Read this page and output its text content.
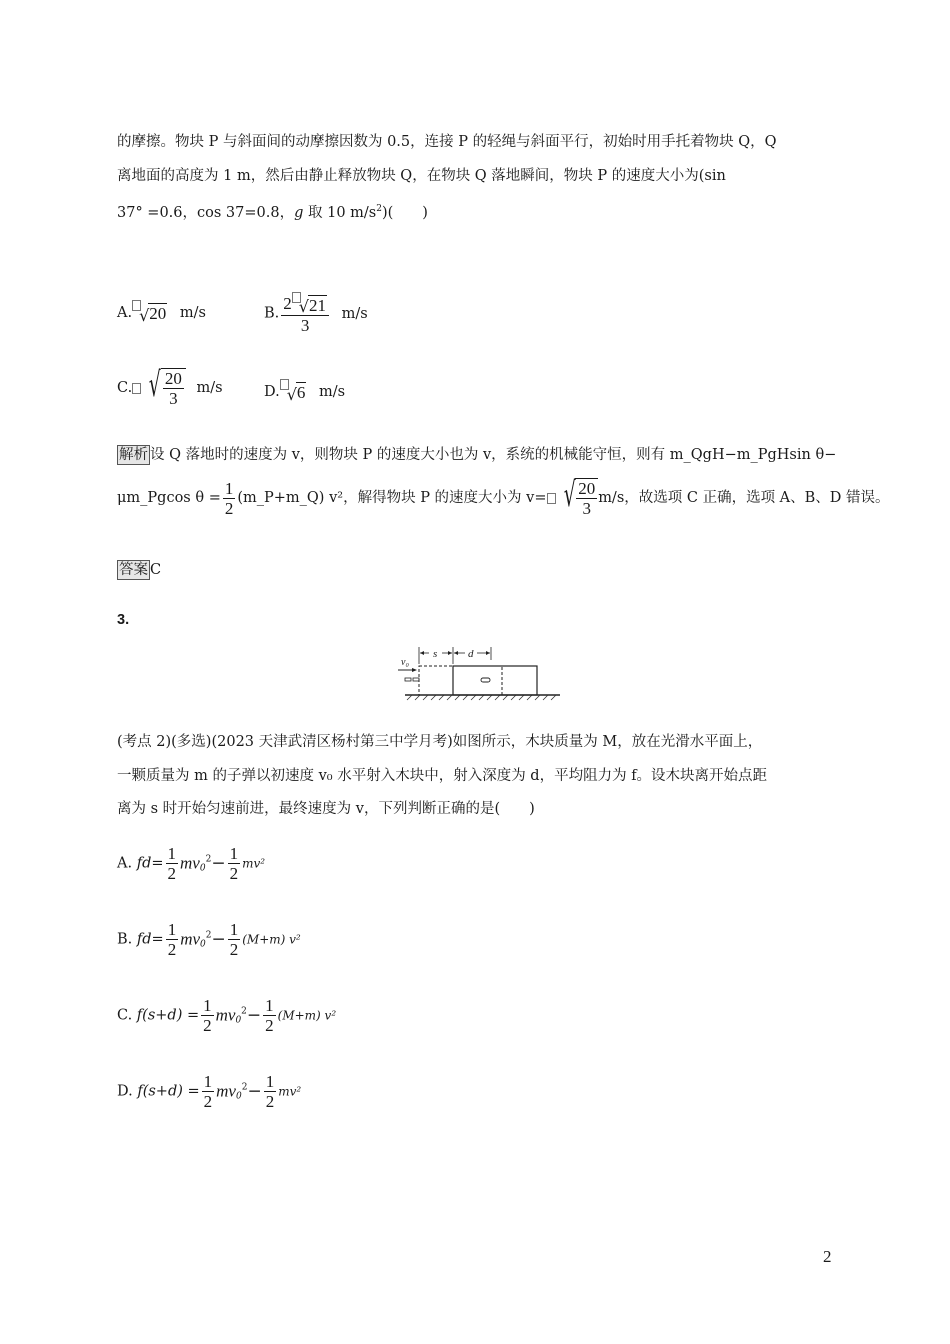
的摩擦。物块 P 与斜面间的动摩擦因数为 0.5，连接 P 的轻绳与斜面平行，初始时用手托着物块 Q，Q
离地面的高度为 1 m，然后由静止释放物块 Q，在物块 Q 落地瞬间，物块 P 的速度大小为(sin
37° =0.6，cos 37=0.8，g 取 10 $m/s^2$)(　　)
A. √ 20 m/s	B. $\frac{2 √ 21}{3} m/s$
C. √ $\frac{20}{3} m/s$	D. √ 6 m/s
解析 设 Q 落地时的速度为 v，则物块 P 的速度大小也为 v，系统的机械能守恒，则有 m_QgH−m_PgHsin θ−
μm_Pgcos $\theta = \frac{1}{2}$ (m_P+m_Q) v²，解得物块 P 的速度大小为 v= √ $\frac{20}{3} m/s$，故选项 C 正确，选项 A、B、D 错误。
答案 C
3.
v₀
s	d
(考点 2)(多选)(2023 天津武清区杨村第三中学月考)如图所示，木块质量为 M，放在光滑水平面上，
一颗质量为 m 的子弹以初速度 v₀ 水平射入木块中，射入深度为 d，平均阻力为 f。设木块离开始点距
离为 s 时开始匀速前进，最终速度为 v，下列判断正确的是(　　)
A. $fd= \frac{1}{2} mv_0^2- \frac{1}{2} mv^2$
B. $fd= \frac{1}{2} mv_0^2- \frac{1}{2} (M+m)$ v²
C. $f(s+d) = \frac{1}{2} mv_0^2- \frac{1}{2} (M+m)$ v²
D. $f(s+d) = \frac{1}{2} mv_0^2- \frac{1}{2} mv^2$
2
